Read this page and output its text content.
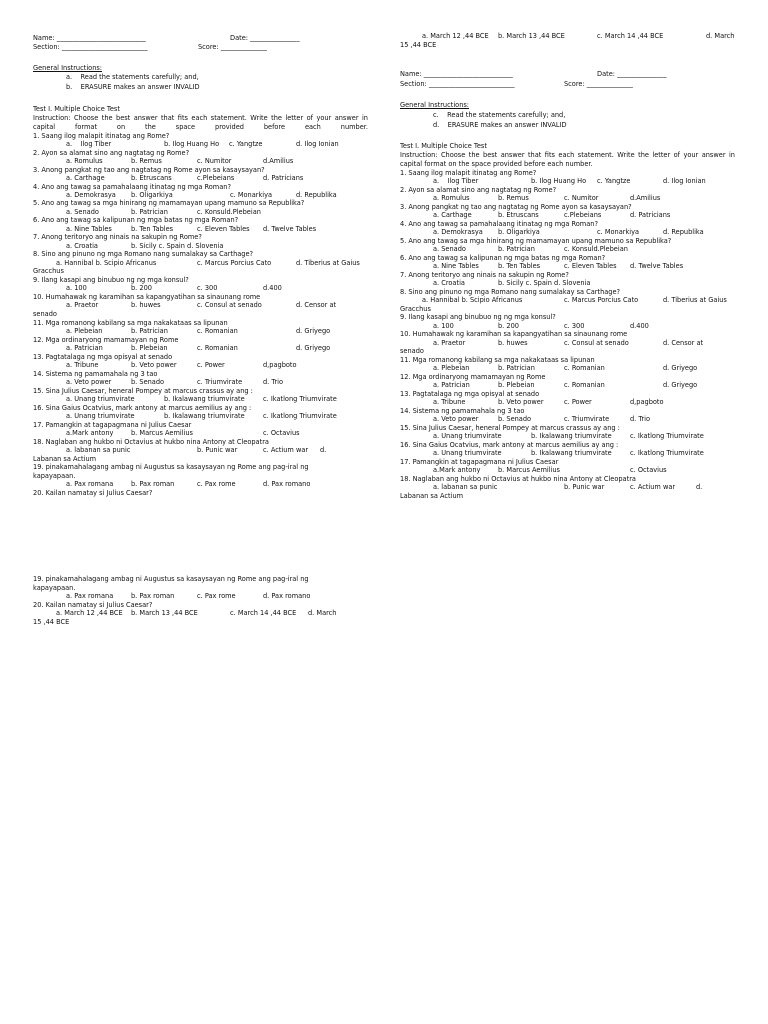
Name: ___________________________	Date: _______________
Section: __________________________	Score: ______________
General Instructions:
a.    Read the statements carefully; and,
b.    ERASURE makes an answer INVALID
Test I. Multiple Choice Test
Instruction: Choose the best answer that fits each statement. Write the letter of your answer in capital format on the space provided before each number.
1. Saang ilog malapit itinatag ang Rome?
a.    Ilog Tiber	b. Ilog Huang Ho c. Yangtze	d. Ilog Ionian
2. Ayon sa alamat sino ang nagtatag ng Rome?
a. Romulus	b. Remus	c. Numitor	d.Amilius
3. Anong pangkat ng tao ang nagtatag ng Rome ayon sa kasaysayan?
a. Carthage	b. Etruscans	c.Plebeians	d. Patricians
4. Ano ang tawag sa pamahalaang itinatag ng mga Roman?
a. Demokrasya b. Oligarkiya	c. Monarkiya	d. Republika
5. Ano ang tawag sa mga hinirang ng mamamayan upang mamuno sa Republika?
a. Senado	b. Patrician	c. Konsuld.Plebeian
6. Ano ang tawag sa kalipunan ng mga batas ng mga Roman?
a. Nine Tables	b. Ten Tables	c. Eleven Tables d. Twelve Tables
7. Anong teritoryo ang ninais na sakupin ng Rome?
a. Croatia	b. Sicily c. Spain d. Slovenia
8. Sino ang pinuno ng mga Romano nang sumalakay sa Carthage?
a. Hannibal b. Scipio Africanus	c. Marcus Porcius Cato	d. Tiberius at Gaius
Gracchus
9. Ilang kasapi ang binubuo ng ng mga konsul?
a. 100	b. 200	c. 300	d.400
10. Humahawak ng karamihan sa kapangyatihan sa sinaunang rome
a. Praetor	b. huwes	c. Consul at senado	d. Censor at
senado
11. Mga romanong kabilang sa mga nakakataas sa lipunan
a. Plebeian	b. Patrician	c. Romanian	d. Griyego
12. Mga ordinaryong mamamayan ng Rome
a. Patrician	b. Plebeian	c. Romanian	d. Griyego
13. Pagtatalaga ng mga opisyal at senado
a. Tribune	b. Veto power	c. Power	d,pagboto
14. Sistema ng pamamahala ng 3 tao
a. Veto power	b. Senado	c. Triumvirate	d. Trio
15. Sina Julius Caesar, heneral Pompey at marcus crassus ay ang :
a. Unang triumvirate	b. Ikalawang triumvirate	c. Ikatlong Triumvirate
16. Sina Gaius Ocatvius, mark antony at marcus aemilius ay ang :
a. Unang triumvirate	b. Ikalawang triumvirate	c. Ikatlong Triumvirate
17. Pamangkin at tagapagmana ni Julius Caesar
a.Mark antony	b. Marcus Aemilius	c. Octavius
18. Naglaban ang hukbo ni Octavius at hukbo nina Antony at Cleopatra
a. labanan sa punic	b. Punic war	c. Actium war d.
Labanan sa Actium
19. pinakamahalagang ambag ni Augustus sa kasaysayan ng Rome ang pag-iral ng
kapayapaan.
a. Pax romana	b. Pax roman	c. Pax rome	d. Pax romano
20. Kailan namatay si Julius Caesar?
19. pinakamahalagang ambag ni Augustus sa kasaysayan ng Rome ang pag-iral ng
kapayapaan.
a. Pax romana	b. Pax roman	c. Pax rome	d. Pax romano
20. Kailan namatay si Julius Caesar?
a. March 12 ,44 BCE b. March 13 ,44 BCE	c. March 14 ,44 BCE d. March
15 ,44 BCE
a. March 12 ,44 BCE b. March 13 ,44 BCE	c. March 14 ,44 BCE	d. March
15 ,44 BCE
Name: ___________________________	Date: _______________
Section: __________________________	Score: ______________
General Instructions:
c.    Read the statements carefully; and,
d.    ERASURE makes an answer INVALID
Test I. Multiple Choice Test
Instruction: Choose the best answer that fits each statement. Write the letter of your answer in capital format on the space provided before each number.
1. Saang ilog malapit itinatag ang Rome?
a.    Ilog Tiber	b. Ilog Huang Ho c. Yangtze	d. Ilog Ionian
2. Ayon sa alamat sino ang nagtatag ng Rome?
a. Romulus	b. Remus	c. Numitor	d.Amilius
3. Anong pangkat ng tao ang nagtatag ng Rome ayon sa kasaysayan?
a. Carthage	b. Etruscans	c.Plebeians	d. Patricians
4. Ano ang tawag sa pamahalaang itinatag ng mga Roman?
a. Demokrasya b. Oligarkiya	c. Monarkiya	d. Republika
5. Ano ang tawag sa mga hinirang ng mamamayan upang mamuno sa Republika?
a. Senado	b. Patrician	c. Konsuld.Plebeian
6. Ano ang tawag sa kalipunan ng mga batas ng mga Roman?
a. Nine Tables	b. Ten Tables	c. Eleven Tables d. Twelve Tables
7. Anong teritoryo ang ninais na sakupin ng Rome?
a. Croatia	b. Sicily c. Spain d. Slovenia
8. Sino ang pinuno ng mga Romano nang sumalakay sa Carthage?
a. Hannibal b. Scipio Africanus	c. Marcus Porcius Cato	d. Tiberius at Gaius
Gracchus
9. Ilang kasapi ang binubuo ng ng mga konsul?
a. 100	b. 200	c. 300	d.400
10. Humahawak ng karamihan sa kapangyatihan sa sinaunang rome
a. Praetor	b. huwes	c. Consul at senado	d. Censor at
senado
11. Mga romanong kabilang sa mga nakakataas sa lipunan
a. Plebeian	b. Patrician	c. Romanian	d. Griyego
12. Mga ordinaryong mamamayan ng Rome
a. Patrician	b. Plebeian	c. Romanian	d. Griyego
13. Pagtatalaga ng mga opisyal at senado
a. Tribune	b. Veto power	c. Power	d,pagboto
14. Sistema ng pamamahala ng 3 tao
a. Veto power	b. Senado	c. Triumvirate	d. Trio
15. Sina Julius Caesar, heneral Pompey at marcus crassus ay ang :
a. Unang triumvirate	b. Ikalawang triumvirate	c. Ikatlong Triumvirate
16. Sina Gaius Ocatvius, mark antony at marcus aemilius ay ang :
a. Unang triumvirate	b. Ikalawang triumvirate	c. Ikatlong Triumvirate
17. Pamangkin at tagapagmana ni Julius Caesar
a.Mark antony	b. Marcus Aemilius	c. Octavius
18. Naglaban ang hukbo ni Octavius at hukbo nina Antony at Cleopatra
a. labanan sa punic	b. Punic war	c. Actium war	d.
Labanan sa Actium
